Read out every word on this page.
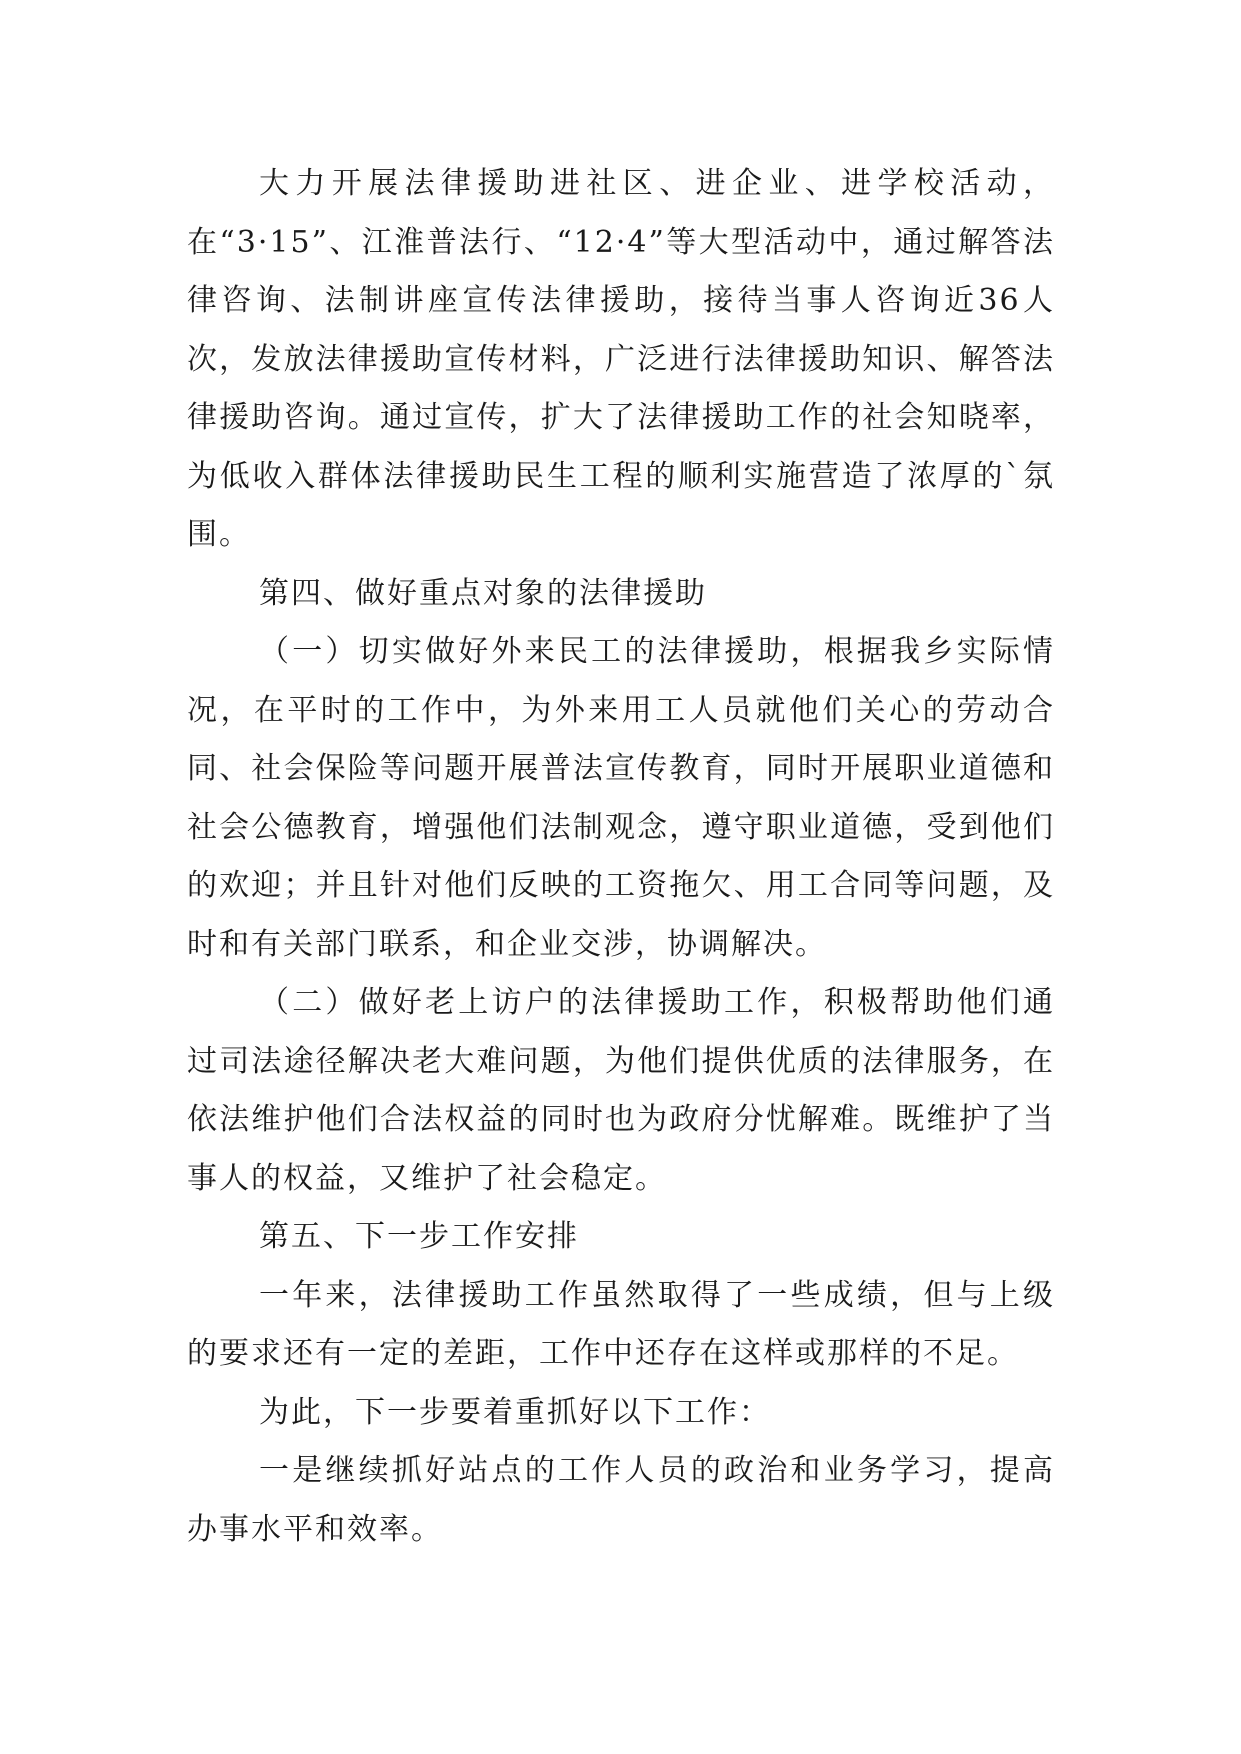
大力开展法律援助进社区、进企业、进学校活动，在“3·15”、江淮普法行、“12·4”等大型活动中，通过解答法律咨询、法制讲座宣传法律援助，接待当事人咨询近36人次，发放法律援助宣传材料，广泛进行法律援助知识、解答法律援助咨询。通过宣传，扩大了法律援助工作的社会知晓率，为低收入群体法律援助民生工程的顺利实施营造了浓厚的`氛围。

第四、做好重点对象的法律援助

（一）切实做好外来民工的法律援助，根据我乡实际情况，在平时的工作中，为外来用工人员就他们关心的劳动合同、社会保险等问题开展普法宣传教育，同时开展职业道德和社会公德教育，增强他们法制观念，遵守职业道德，受到他们的欢迎；并且针对他们反映的工资拖欠、用工合同等问题，及时和有关部门联系，和企业交涉，协调解决。

（二）做好老上访户的法律援助工作，积极帮助他们通过司法途径解决老大难问题，为他们提供优质的法律服务，在依法维护他们合法权益的同时也为政府分忧解难。既维护了当事人的权益，又维护了社会稳定。

第五、下一步工作安排

一年来，法律援助工作虽然取得了一些成绩，但与上级的要求还有一定的差距，工作中还存在这样或那样的不足。

为此，下一步要着重抓好以下工作：

一是继续抓好站点的工作人员的政治和业务学习，提高办事水平和效率。
